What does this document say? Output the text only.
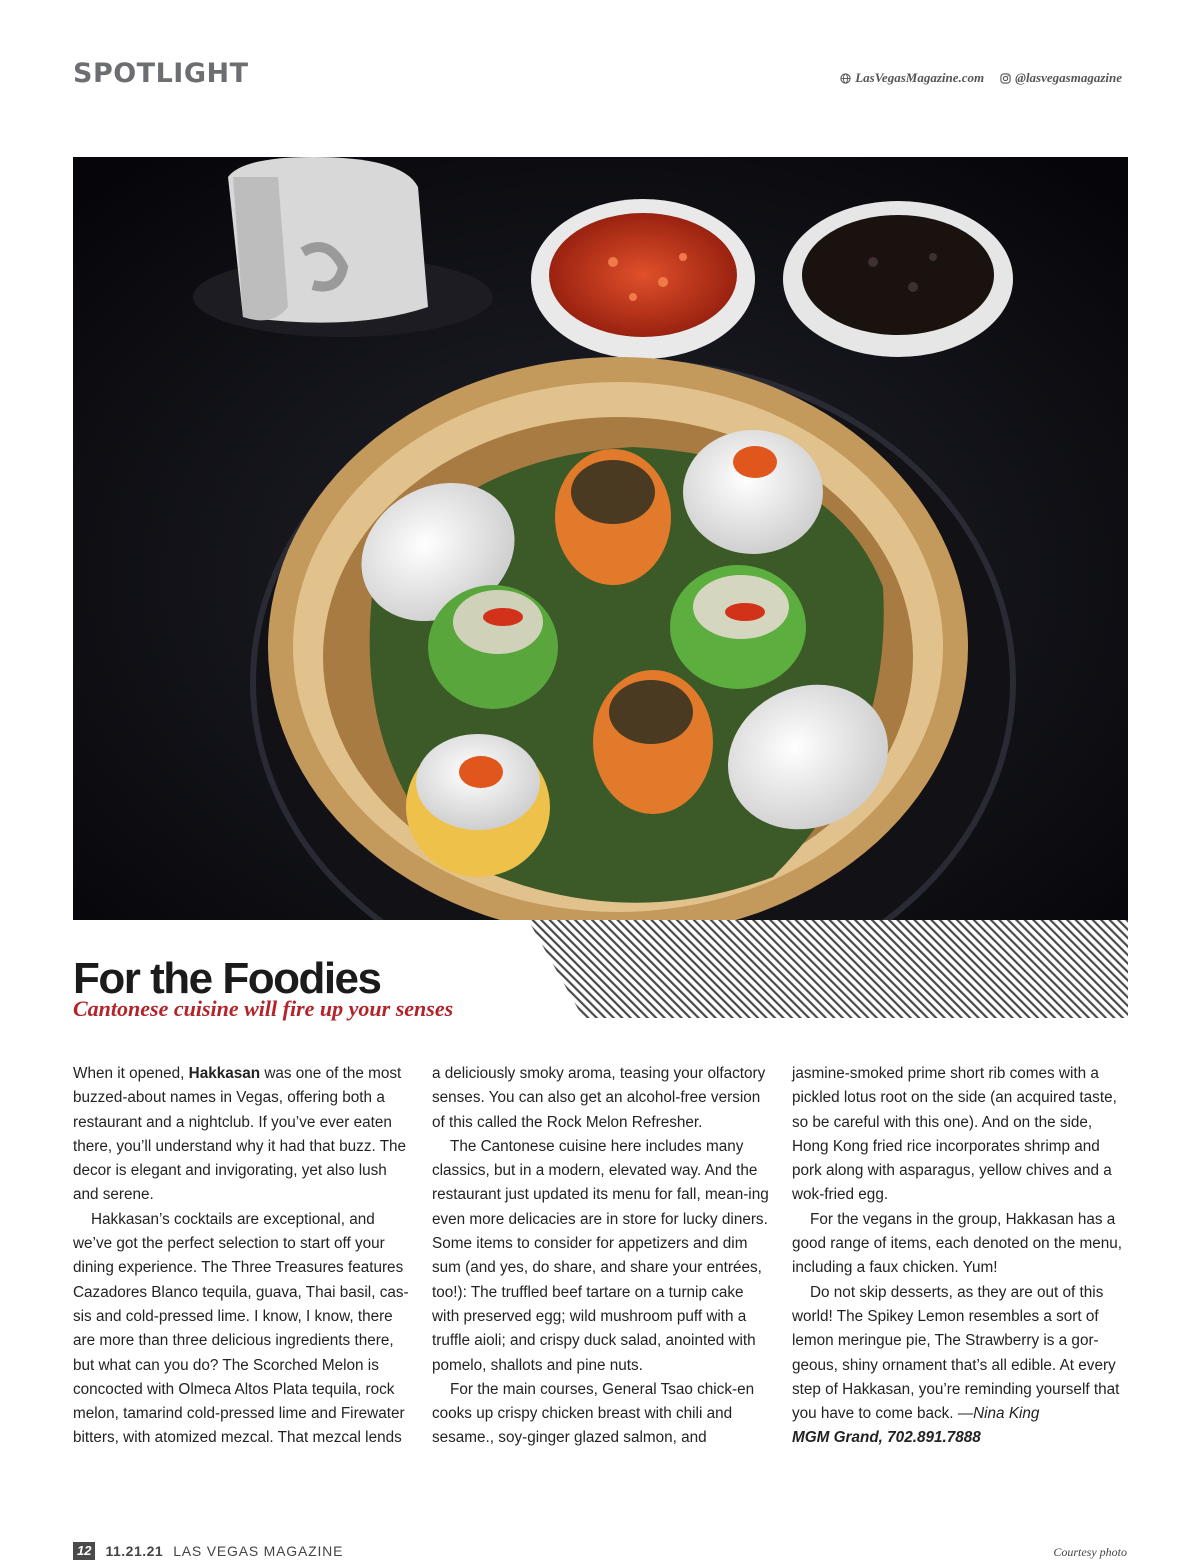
SPOTLIGHT	LasVegasMagazine.com @lasvegasmagazine
For the Foodies
Cantonese cuisine will fire up your senses

When it opened, Hakkasan was one of the most buzzed-about names in Vegas, offering both a restaurant and a nightclub. If you’ve ever eaten there, you’ll understand why it had that buzz. The decor is elegant and invigorating, yet also lush and serene.

Hakkasan’s cocktails are exceptional, and we’ve got the perfect selection to start off your dining experience. The Three Treasures features Cazadores Blanco tequila, guava, Thai basil, cas-sis and cold-pressed lime. I know, I know, there are more than three delicious ingredients there, but what can you do? The Scorched Melon is concocted with Olmeca Altos Plata tequila, rock melon, tamarind cold-pressed lime and Firewater bitters, with atomized mezcal. That mezcal lends

a deliciously smoky aroma, teasing your olfactory senses. You can also get an alcohol-free version of this called the Rock Melon Refresher.

The Cantonese cuisine here includes many classics, but in a modern, elevated way. And the restaurant just updated its menu for fall, mean-ing even more delicacies are in store for lucky diners. Some items to consider for appetizers and dim sum (and yes, do share, and share your entrées, too!): The truffled beef tartare on a turnip cake with preserved egg; wild mushroom puff with a truffle aioli; and crispy duck salad, anointed with pomelo, shallots and pine nuts.

For the main courses, General Tsao chick-en cooks up crispy chicken breast with chili and sesame., soy-ginger glazed salmon, and

jasmine-smoked prime short rib comes with a pickled lotus root on the side (an acquired taste, so be careful with this one). And on the side, Hong Kong fried rice incorporates shrimp and pork along with asparagus, yellow chives and a wok-fried egg.

For the vegans in the group, Hakkasan has a good range of items, each denoted on the menu, including a faux chicken. Yum!

Do not skip desserts, as they are out of this world! The Spikey Lemon resembles a sort of lemon meringue pie, The Strawberry is a gor-geous, shiny ornament that’s all edible. At every step of Hakkasan, you’re reminding yourself that you have to come back. —Nina King

MGM Grand, 702.891.7888

12 11.21.21 LAS VEGAS MAGAZINE	Courtesy photo
